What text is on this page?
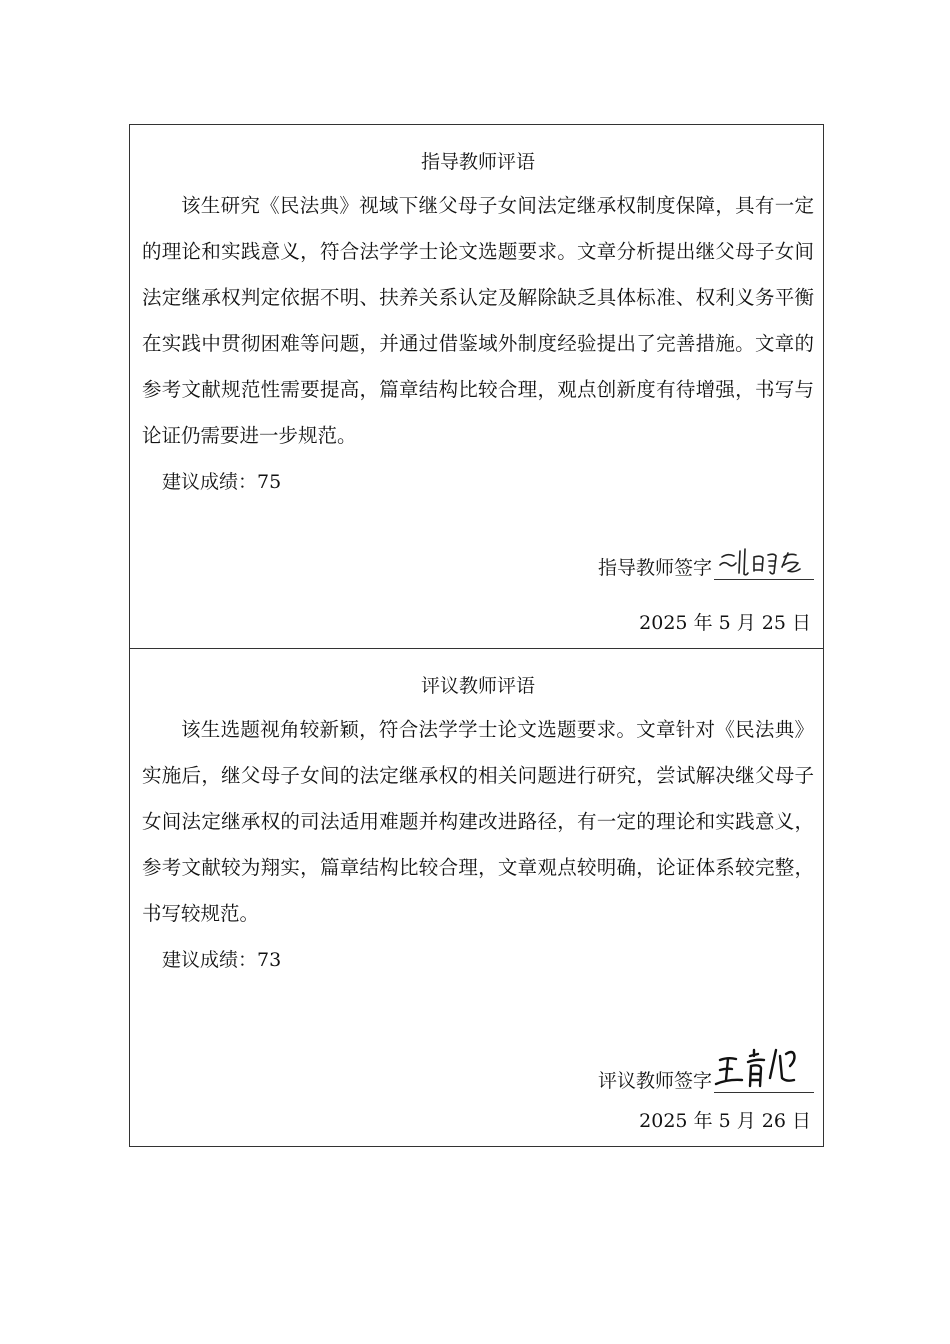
指导教师评语

该生研究《民法典》视域下继父母子女间法定继承权制度保障，具有一定的理论和实践意义，符合法学学士论文选题要求。文章分析提出继父母子女间法定继承权判定依据不明、扶养关系认定及解除缺乏具体标准、权利义务平衡在实践中贯彻困难等问题，并通过借鉴域外制度经验提出了完善措施。文章的参考文献规范性需要提高，篇章结构比较合理，观点创新度有待增强，书写与论证仍需要进一步规范。

建议成绩：75
指导教师签字
2025 年 5 月 25 日
评议教师评语

该生选题视角较新颖，符合法学学士论文选题要求。文章针对《民法典》实施后，继父母子女间的法定继承权的相关问题进行研究，尝试解决继父母子女间法定继承权的司法适用难题并构建改进路径，有一定的理论和实践意义，参考文献较为翔实，篇章结构比较合理，文章观点较明确，论证体系较完整，书写较规范。

建议成绩：73
评议教师签字
2025 年 5 月 26 日
